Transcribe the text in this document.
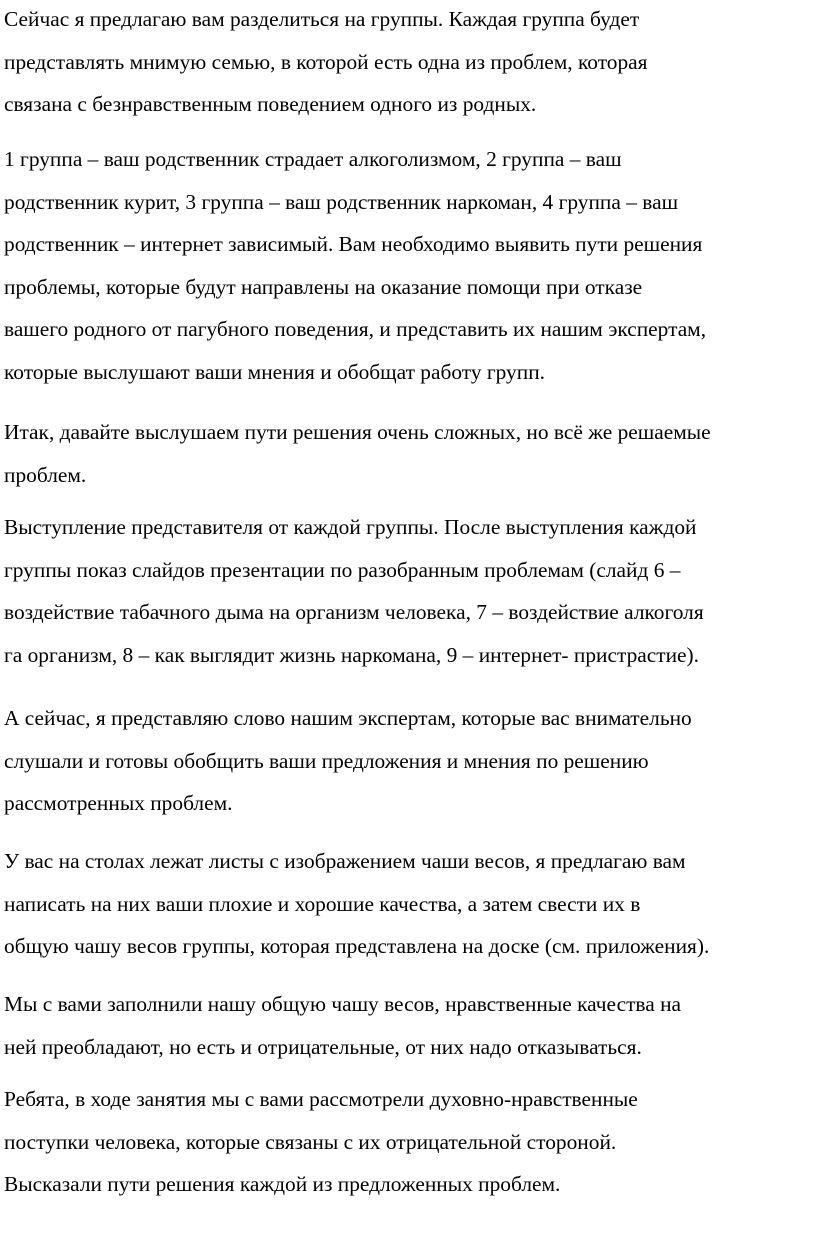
Сейчас я предлагаю вам разделиться на группы. Каждая группа будет
представлять мнимую семью, в которой есть одна из проблем, которая
связана с безнравственным поведением одного из родных.

1 группа – ваш родственник страдает алкоголизмом, 2 группа – ваш
родственник курит, 3 группа – ваш родственник наркоман, 4 группа – ваш
родственник – интернет зависимый. Вам необходимо выявить пути решения
проблемы, которые будут направлены на оказание помощи при отказе
вашего родного от пагубного поведения, и представить их нашим экспертам,
которые выслушают ваши мнения и обобщат работу групп.

Итак, давайте выслушаем пути решения очень сложных, но всё же решаемые
проблем.

Выступление представителя от каждой группы. После выступления каждой
группы показ слайдов презентации по разобранным проблемам (слайд 6 –
воздействие табачного дыма на организм человека, 7 – воздействие алкоголя
га организм, 8 – как выглядит жизнь наркомана, 9 – интернет- пристрастие).

А сейчас, я представляю слово нашим экспертам, которые вас внимательно
слушали и готовы обобщить ваши предложения и мнения по решению
рассмотренных проблем.

У вас на столах лежат листы с изображением чаши весов, я предлагаю вам
написать на них ваши плохие и хорошие качества, а затем свести их в
общую чашу весов группы, которая представлена на доске (см. приложения).

Мы с вами заполнили нашу общую чашу весов, нравственные качества на
ней преобладают, но есть и отрицательные, от них надо отказываться.

Ребята, в ходе занятия мы с вами рассмотрели духовно-нравственные
поступки человека, которые связаны с их отрицательной стороной.
Высказали пути решения каждой из предложенных проблем.
